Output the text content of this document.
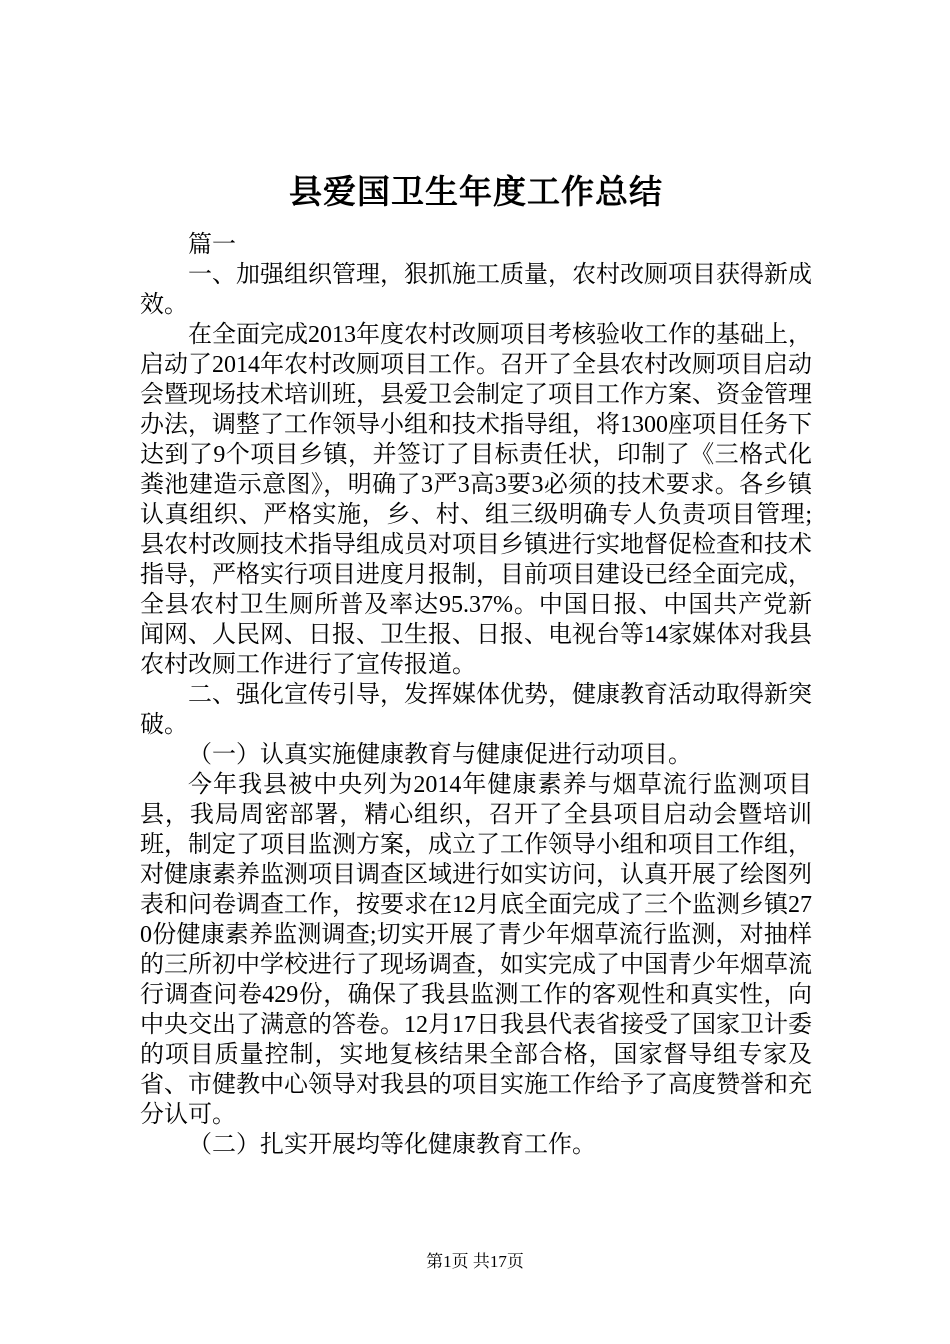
县爱国卫生年度工作总结

篇一

一、加强组织管理，狠抓施工质量，农村改厕项目获得新成效。

在全面完成2013年度农村改厕项目考核验收工作的基础上，启动了2014年农村改厕项目工作。召开了全县农村改厕项目启动会暨现场技术培训班，县爱卫会制定了项目工作方案、资金管理办法，调整了工作领导小组和技术指导组，将1300座项目任务下达到了9个项目乡镇，并签订了目标责任状，印制了《三格式化粪池建造示意图》，明确了3严3高3要3必须的技术要求。各乡镇认真组织、严格实施，乡、村、组三级明确专人负责项目管理;县农村改厕技术指导组成员对项目乡镇进行实地督促检查和技术指导，严格实行项目进度月报制，目前项目建设已经全面完成，全县农村卫生厕所普及率达95.37%。中国日报、中国共产党新闻网、人民网、日报、卫生报、日报、电视台等14家媒体对我县农村改厕工作进行了宣传报道。

二、强化宣传引导，发挥媒体优势，健康教育活动取得新突破。

（一）认真实施健康教育与健康促进行动项目。

今年我县被中央列为2014年健康素养与烟草流行监测项目县，我局周密部署，精心组织，召开了全县项目启动会暨培训班，制定了项目监测方案，成立了工作领导小组和项目工作组，对健康素养监测项目调查区域进行如实访问，认真开展了绘图列表和问卷调查工作，按要求在12月底全面完成了三个监测乡镇270份健康素养监测调查;切实开展了青少年烟草流行监测，对抽样的三所初中学校进行了现场调查，如实完成了中国青少年烟草流行调查问卷429份，确保了我县监测工作的客观性和真实性，向中央交出了满意的答卷。12月17日我县代表省接受了国家卫计委的项目质量控制，实地复核结果全部合格，国家督导组专家及省、市健教中心领导对我县的项目实施工作给予了高度赞誉和充分认可。

（二）扎实开展均等化健康教育工作。

第1页 共17页
